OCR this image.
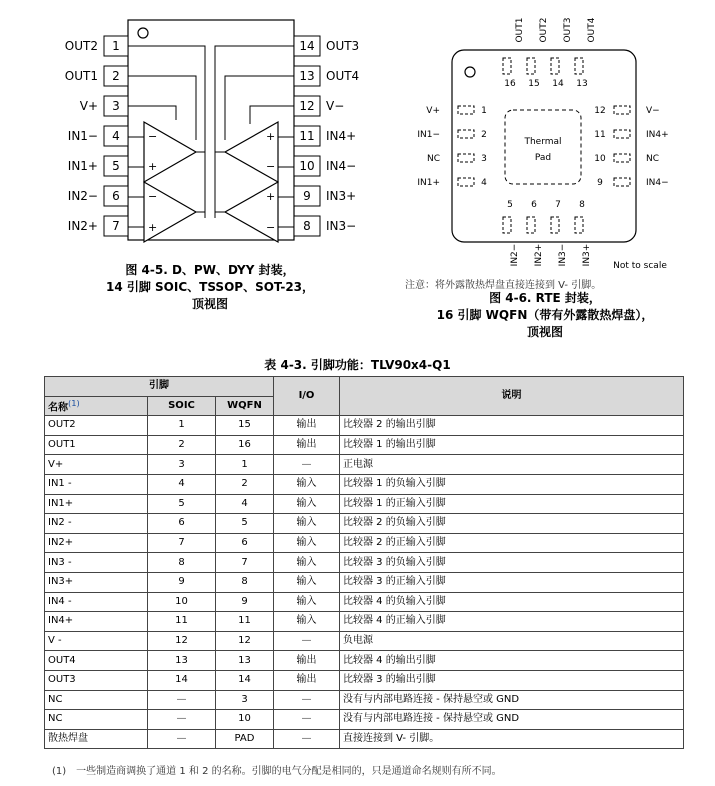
1
OUT2
2
OUT1
3
V+
4
IN1−
5
IN1+
6
IN2−
7
IN2+
14 OUT3
13 OUT4
12 V−
11 IN4+
10 IN4−
9 IN3+
8 IN3−
−
+
−
+
+
−
+
−
图 4-5. D、PW、DYY 封装，
14 引脚 SOIC、TSSOP、SOT-23，
顶视图
Thermal
Pad
16
OUT1
15
OUT2
14
OUT3
13
OUT4
5
IN2−
6
IN2+
7
IN3−
8
IN3+
1
V+
2
IN1−
3
NC
4
IN1+
12	V−
11	IN4+
10	NC
9	IN4−
Not to scale
注意：将外露散热焊盘直接连接到 V- 引脚。
图 4-6. RTE 封装，
16 引脚 WQFN（带有外露散热焊盘），
顶视图
表 4-3. 引脚功能：TLV90x4-Q1
引脚			I/O	说明
名称$^{(1)}$	SOIC	WQFN		
OUT2	1	15	输出	比较器 2 的输出引脚
OUT1	2	16	输出	比较器 1 的输出引脚
V+	3	1	—	正电源
IN1 -	4	2	输入	比较器 1 的负输入引脚
IN1+	5	4	输入	比较器 1 的正输入引脚
IN2 -	6	5	输入	比较器 2 的负输入引脚
IN2+	7	6	输入	比较器 2 的正输入引脚
IN3 -	8	7	输入	比较器 3 的负输入引脚
IN3+	9	8	输入	比较器 3 的正输入引脚
IN4 -	10	9	输入	比较器 4 的负输入引脚
IN4+	11	11	输入	比较器 4 的正输入引脚
V -	12	12	—	负电源
OUT4	13	13	输出	比较器 4 的输出引脚
OUT3	14	14	输出	比较器 3 的输出引脚
NC	—	3	—	没有与内部电路连接 - 保持悬空或 GND
NC	—	10	—	没有与内部电路连接 - 保持悬空或 GND
散热焊盘	—	PAD	—	直接连接到 V- 引脚。
(1)　一些制造商调换了通道 1 和 2 的名称。引脚的电气分配是相同的，只是通道命名规则有所不同。
